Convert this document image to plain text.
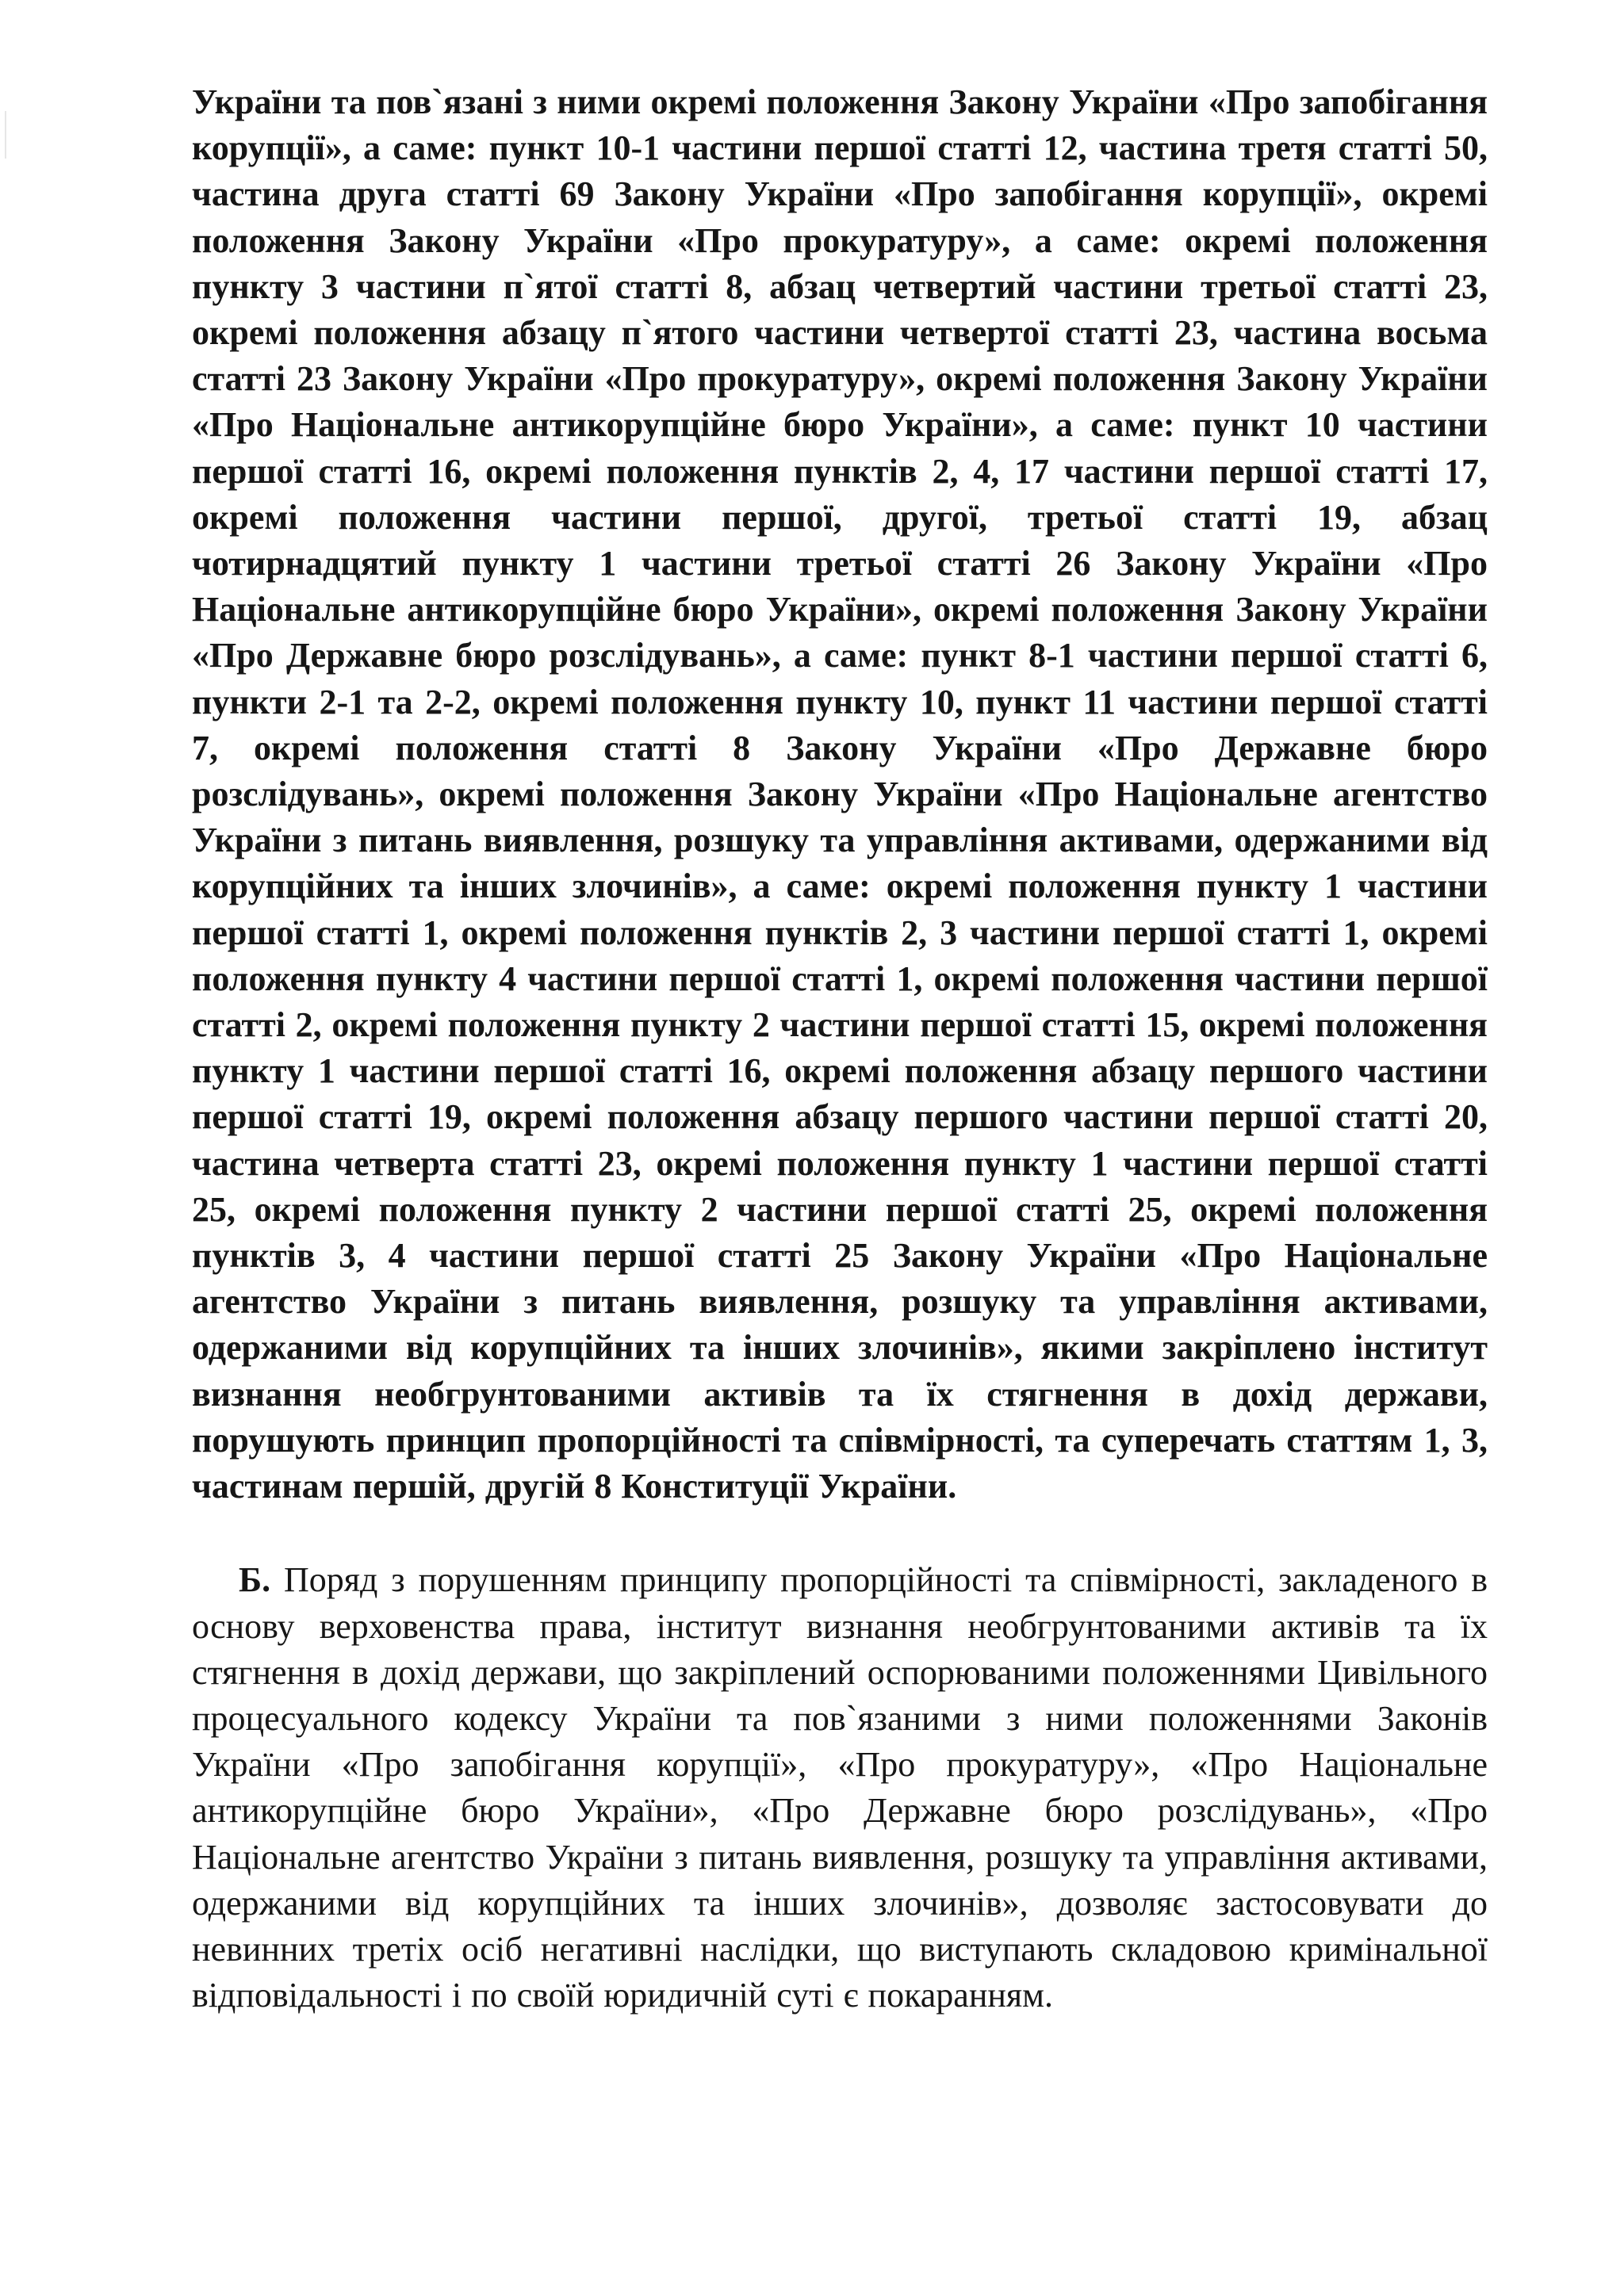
України та пов`язані з ними окремі положення Закону України «Про запобігання корупції», а саме: пункт 10-1 частини першої статті 12, частина третя статті 50, частина друга статті 69 Закону України «Про запобігання корупції», окремі положення Закону України «Про прокуратуру», а саме: окремі положення пункту 3 частини п`ятої статті 8, абзац четвертий частини третьої статті 23, окремі положення абзацу п`ятого частини четвертої статті 23, частина восьма статті 23 Закону України «Про прокуратуру», окремі положення Закону України «Про Національне антикорупційне бюро України», а саме: пункт 10 частини першої статті 16, окремі положення пунктів 2, 4, 17 частини першої статті 17, окремі положення частини першої, другої, третьої статті 19, абзац чотирнадцятий пункту 1 частини третьої статті 26 Закону України «Про Національне антикорупційне бюро України», окремі положення Закону України «Про Державне бюро розслідувань», а саме: пункт 8-1 частини першої статті 6, пункти 2-1 та 2-2, окремі положення пункту 10, пункт 11 частини першої статті 7, окремі положення статті 8 Закону України «Про Державне бюро розслідувань», окремі положення Закону України «Про Національне агентство України з питань виявлення, розшуку та управління активами, одержаними від корупційних та інших злочинів», а саме: окремі положення пункту 1 частини першої статті 1, окремі положення пунктів 2, 3 частини першої статті 1, окремі положення пункту 4 частини першої статті 1, окремі положення частини першої статті 2, окремі положення пункту 2 частини першої статті 15, окремі положення пункту 1 частини першої статті 16, окремі положення абзацу першого частини першої статті 19, окремі положення абзацу першого частини першої статті 20, частина четверта статті 23, окремі положення пункту 1 частини першої статті 25, окремі положення пункту 2 частини першої статті 25, окремі положення пунктів 3, 4 частини першої статті 25 Закону України «Про Національне агентство України з питань виявлення, розшуку та управління активами, одержаними від корупційних та інших злочинів», якими закріплено інститут визнання необгрунтованими активів та їх стягнення в дохід держави, порушують принцип пропорційності та співмірності, та суперечать статтям 1, 3, частинам першій, другій 8 Конституції України.

Б. Поряд з порушенням принципу пропорційності та співмірності, закладеного в основу верховенства права, інститут визнання необгрунтованими активів та їх стягнення в дохід держави, що закріплений оспорюваними положеннями Цивільного процесуального кодексу України та пов`язаними з ними положеннями Законів України «Про запобігання корупції», «Про прокуратуру», «Про Національне антикорупційне бюро України», «Про Державне бюро розслідувань», «Про Національне агентство України з питань виявлення, розшуку та управління активами, одержаними від корупційних та інших злочинів», дозволяє застосовувати до невинних третіх осіб негативні наслідки, що виступають складовою кримінальної відповідальності і по своїй юридичній суті є покаранням.
